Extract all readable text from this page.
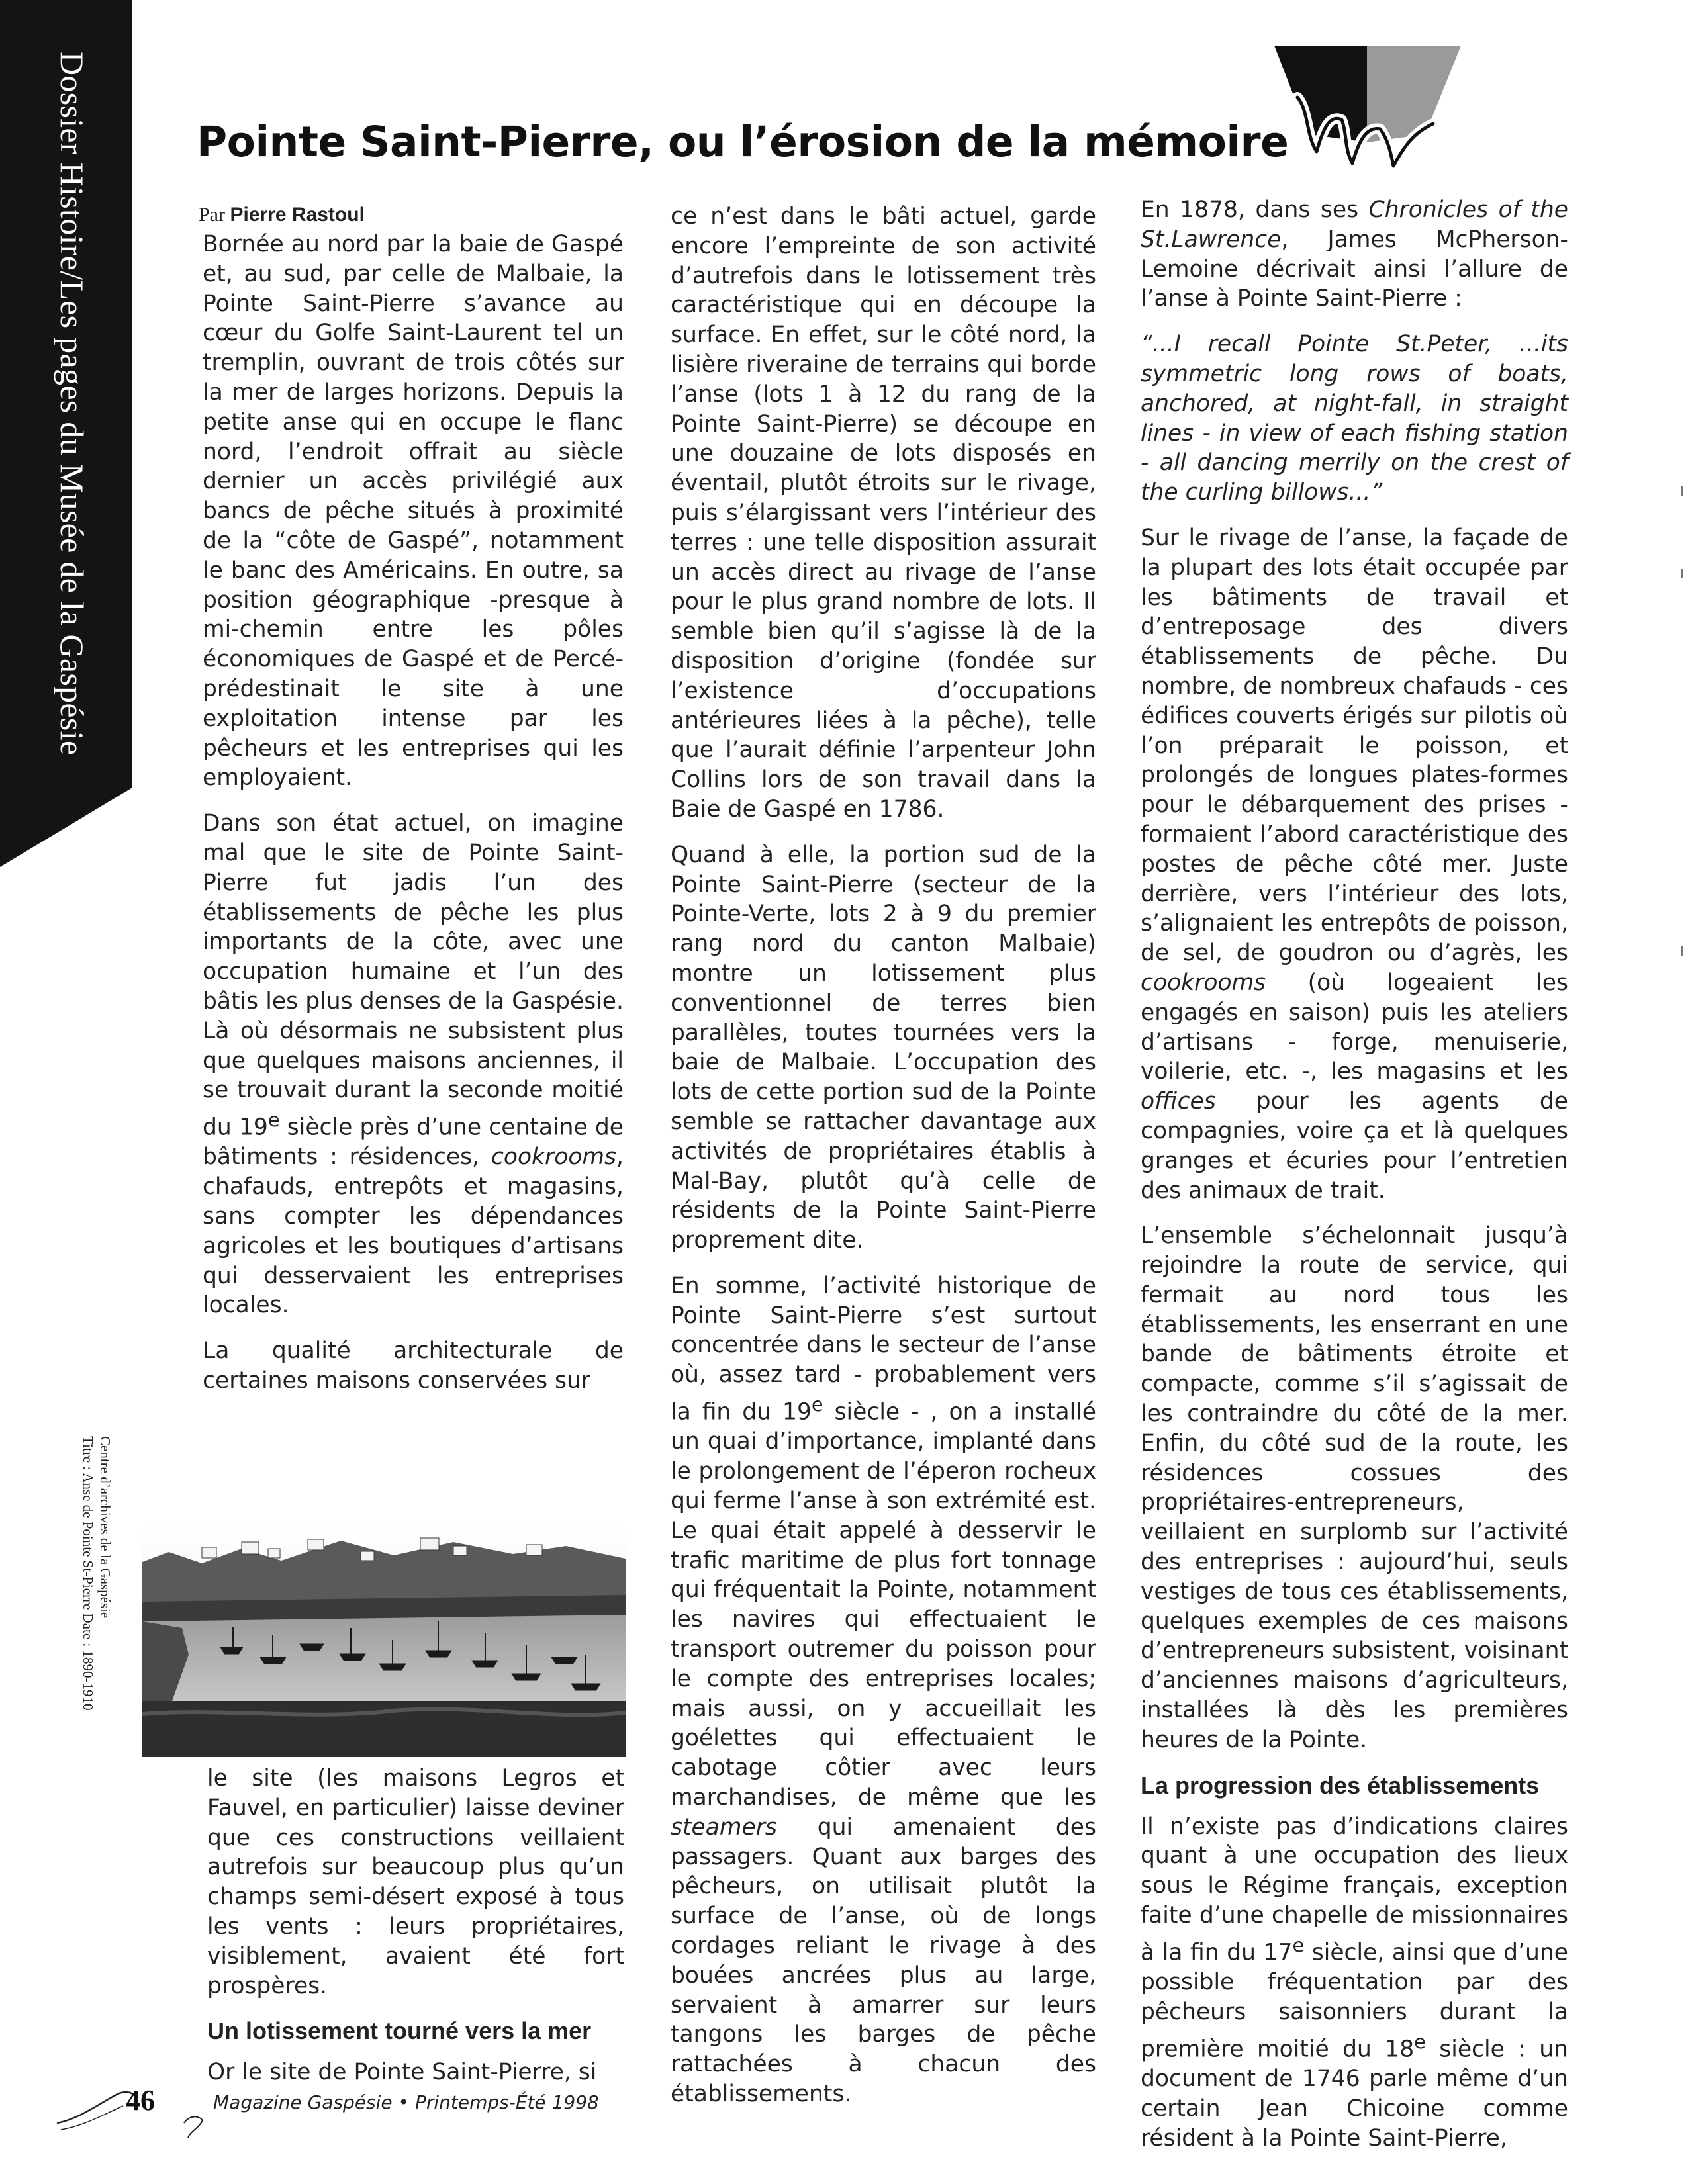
Dossier Histoire/Les pages du Musée de la Gaspésie	Pointe Saint-Pierre, ou l’érosion de la mémoire
Par Pierre Rastoul

Bornée au nord par la baie de Gaspé et, au sud, par celle de Malbaie, la Pointe Saint-Pierre s’avance au cœur du Golfe Saint-Laurent tel un tremplin, ouvrant de trois côtés sur la mer de larges horizons. Depuis la petite anse qui en occupe le flanc nord, l’endroit offrait au siècle dernier un accès privilégié aux bancs de pêche situés à proximité de la “côte de Gaspé”, notamment le banc des Américains. En outre, sa position géographique -presque à mi-chemin entre les pôles économiques de Gaspé et de Percé- prédestinait le site à une exploitation intense par les pêcheurs et les entreprises qui les employaient.

Dans son état actuel, on imagine mal que le site de Pointe Saint-Pierre fut jadis l’un des établissements de pêche les plus importants de la côte, avec une occupation humaine et l’un des bâtis les plus denses de la Gaspésie. Là où désormais ne subsistent plus que quelques maisons anciennes, il se trouvait durant la seconde moitié du 19e siècle près d’une centaine de bâtiments : résidences, cookrooms, chafauds, entrepôts et magasins, sans compter les dépendances agricoles et les boutiques d’artisans qui desservaient les entreprises locales.

La qualité architecturale de certaines maisons conservées sur

Centre d’archives de la Gaspésie
Titre : Anse de Pointe St-Pierre Date : 1890-1910

le site (les maisons Legros et Fauvel, en particulier) laisse deviner que ces constructions veillaient autrefois sur beaucoup plus qu’un champs semi-désert exposé à tous les vents : leurs propriétaires, visiblement, avaient été fort prospères.

Un lotissement tourné vers la mer

Or le site de Pointe Saint-Pierre, si

ce n’est dans le bâti actuel, garde encore l’empreinte de son activité d’autrefois dans le lotissement très caractéristique qui en découpe la surface. En effet, sur le côté nord, la lisière riveraine de terrains qui borde l’anse (lots 1 à 12 du rang de la Pointe Saint-Pierre) se découpe en une douzaine de lots disposés en éventail, plutôt étroits sur le rivage, puis s’élargissant vers l’intérieur des terres : une telle disposition assurait un accès direct au rivage de l’anse pour le plus grand nombre de lots. Il semble bien qu’il s’agisse là de la disposition d’origine (fondée sur l’existence d’occupations antérieures liées à la pêche), telle que l’aurait définie l’arpenteur John Collins lors de son travail dans la Baie de Gaspé en 1786.

Quand à elle, la portion sud de la Pointe Saint-Pierre (secteur de la Pointe-Verte, lots 2 à 9 du premier rang nord du canton Malbaie) montre un lotissement plus conventionnel de terres bien parallèles, toutes tournées vers la baie de Malbaie. L’occupation des lots de cette portion sud de la Pointe semble se rattacher davantage aux activités de propriétaires établis à Mal-Bay, plutôt qu’à celle de résidents de la Pointe Saint-Pierre proprement dite.

En somme, l’activité historique de Pointe Saint-Pierre s’est surtout concentrée dans le secteur de l’anse où, assez tard - probablement vers la fin du 19e siècle - , on a installé un quai d’importance, implanté dans le prolongement de l’éperon rocheux qui ferme l’anse à son extrémité est. Le quai était appelé à desservir le trafic maritime de plus fort tonnage qui fréquentait la Pointe, notamment les navires qui effectuaient le transport outremer du poisson pour le compte des entreprises locales; mais aussi, on y accueillait les goélettes qui effectuaient le cabotage côtier avec leurs marchandises, de même que les steamers qui amenaient des passagers. Quant aux barges des pêcheurs, on utilisait plutôt la surface de l’anse, où de longs cordages reliant le rivage à des bouées ancrées plus au large, servaient à amarrer sur leurs tangons les barges de pêche rattachées à chacun des établissements.

En 1878, dans ses Chronicles of the St.Lawrence, James McPherson-Lemoine décrivait ainsi l’allure de l’anse à Pointe Saint-Pierre :

“...I recall Pointe St.Peter, ...its symmetric long rows of boats, anchored, at night-fall, in straight lines - in view of each fishing station - all dancing merrily on the crest of the curling billows...”

Sur le rivage de l’anse, la façade de la plupart des lots était occupée par les bâtiments de travail et d’entreposage des divers établissements de pêche. Du nombre, de nombreux chafauds - ces édifices couverts érigés sur pilotis où l’on préparait le poisson, et prolongés de longues plates-formes pour le débarquement des prises - formaient l’abord caractéristique des postes de pêche côté mer. Juste derrière, vers l’intérieur des lots, s’alignaient les entrepôts de poisson, de sel, de goudron ou d’agrès, les cookrooms (où logeaient les engagés en saison) puis les ateliers d’artisans - forge, menuiserie, voilerie, etc. -, les magasins et les offices pour les agents de compagnies, voire ça et là quelques granges et écuries pour l’entretien des animaux de trait.

L’ensemble s’échelonnait jusqu’à rejoindre la route de service, qui fermait au nord tous les établissements, les enserrant en une bande de bâtiments étroite et compacte, comme s’il s’agissait de les contraindre du côté de la mer. Enfin, du côté sud de la route, les résidences cossues des propriétaires-entrepreneurs, veillaient en surplomb sur l’activité des entreprises : aujourd’hui, seuls vestiges de tous ces établissements, quelques exemples de ces maisons d’entrepreneurs subsistent, voisinant d’anciennes maisons d’agriculteurs, installées là dès les premières heures de la Pointe.

La progression des établissements

Il n’existe pas d’indications claires quant à une occupation des lieux sous le Régime français, exception faite d’une chapelle de missionnaires à la fin du 17e siècle, ainsi que d’une possible fréquentation par des pêcheurs saisonniers durant la première moitié du 18e siècle : un document de 1746 parle même d’un certain Jean Chicoine comme résident à la Pointe Saint-Pierre,

46	Magazine Gaspésie • Printemps-Été 1998
